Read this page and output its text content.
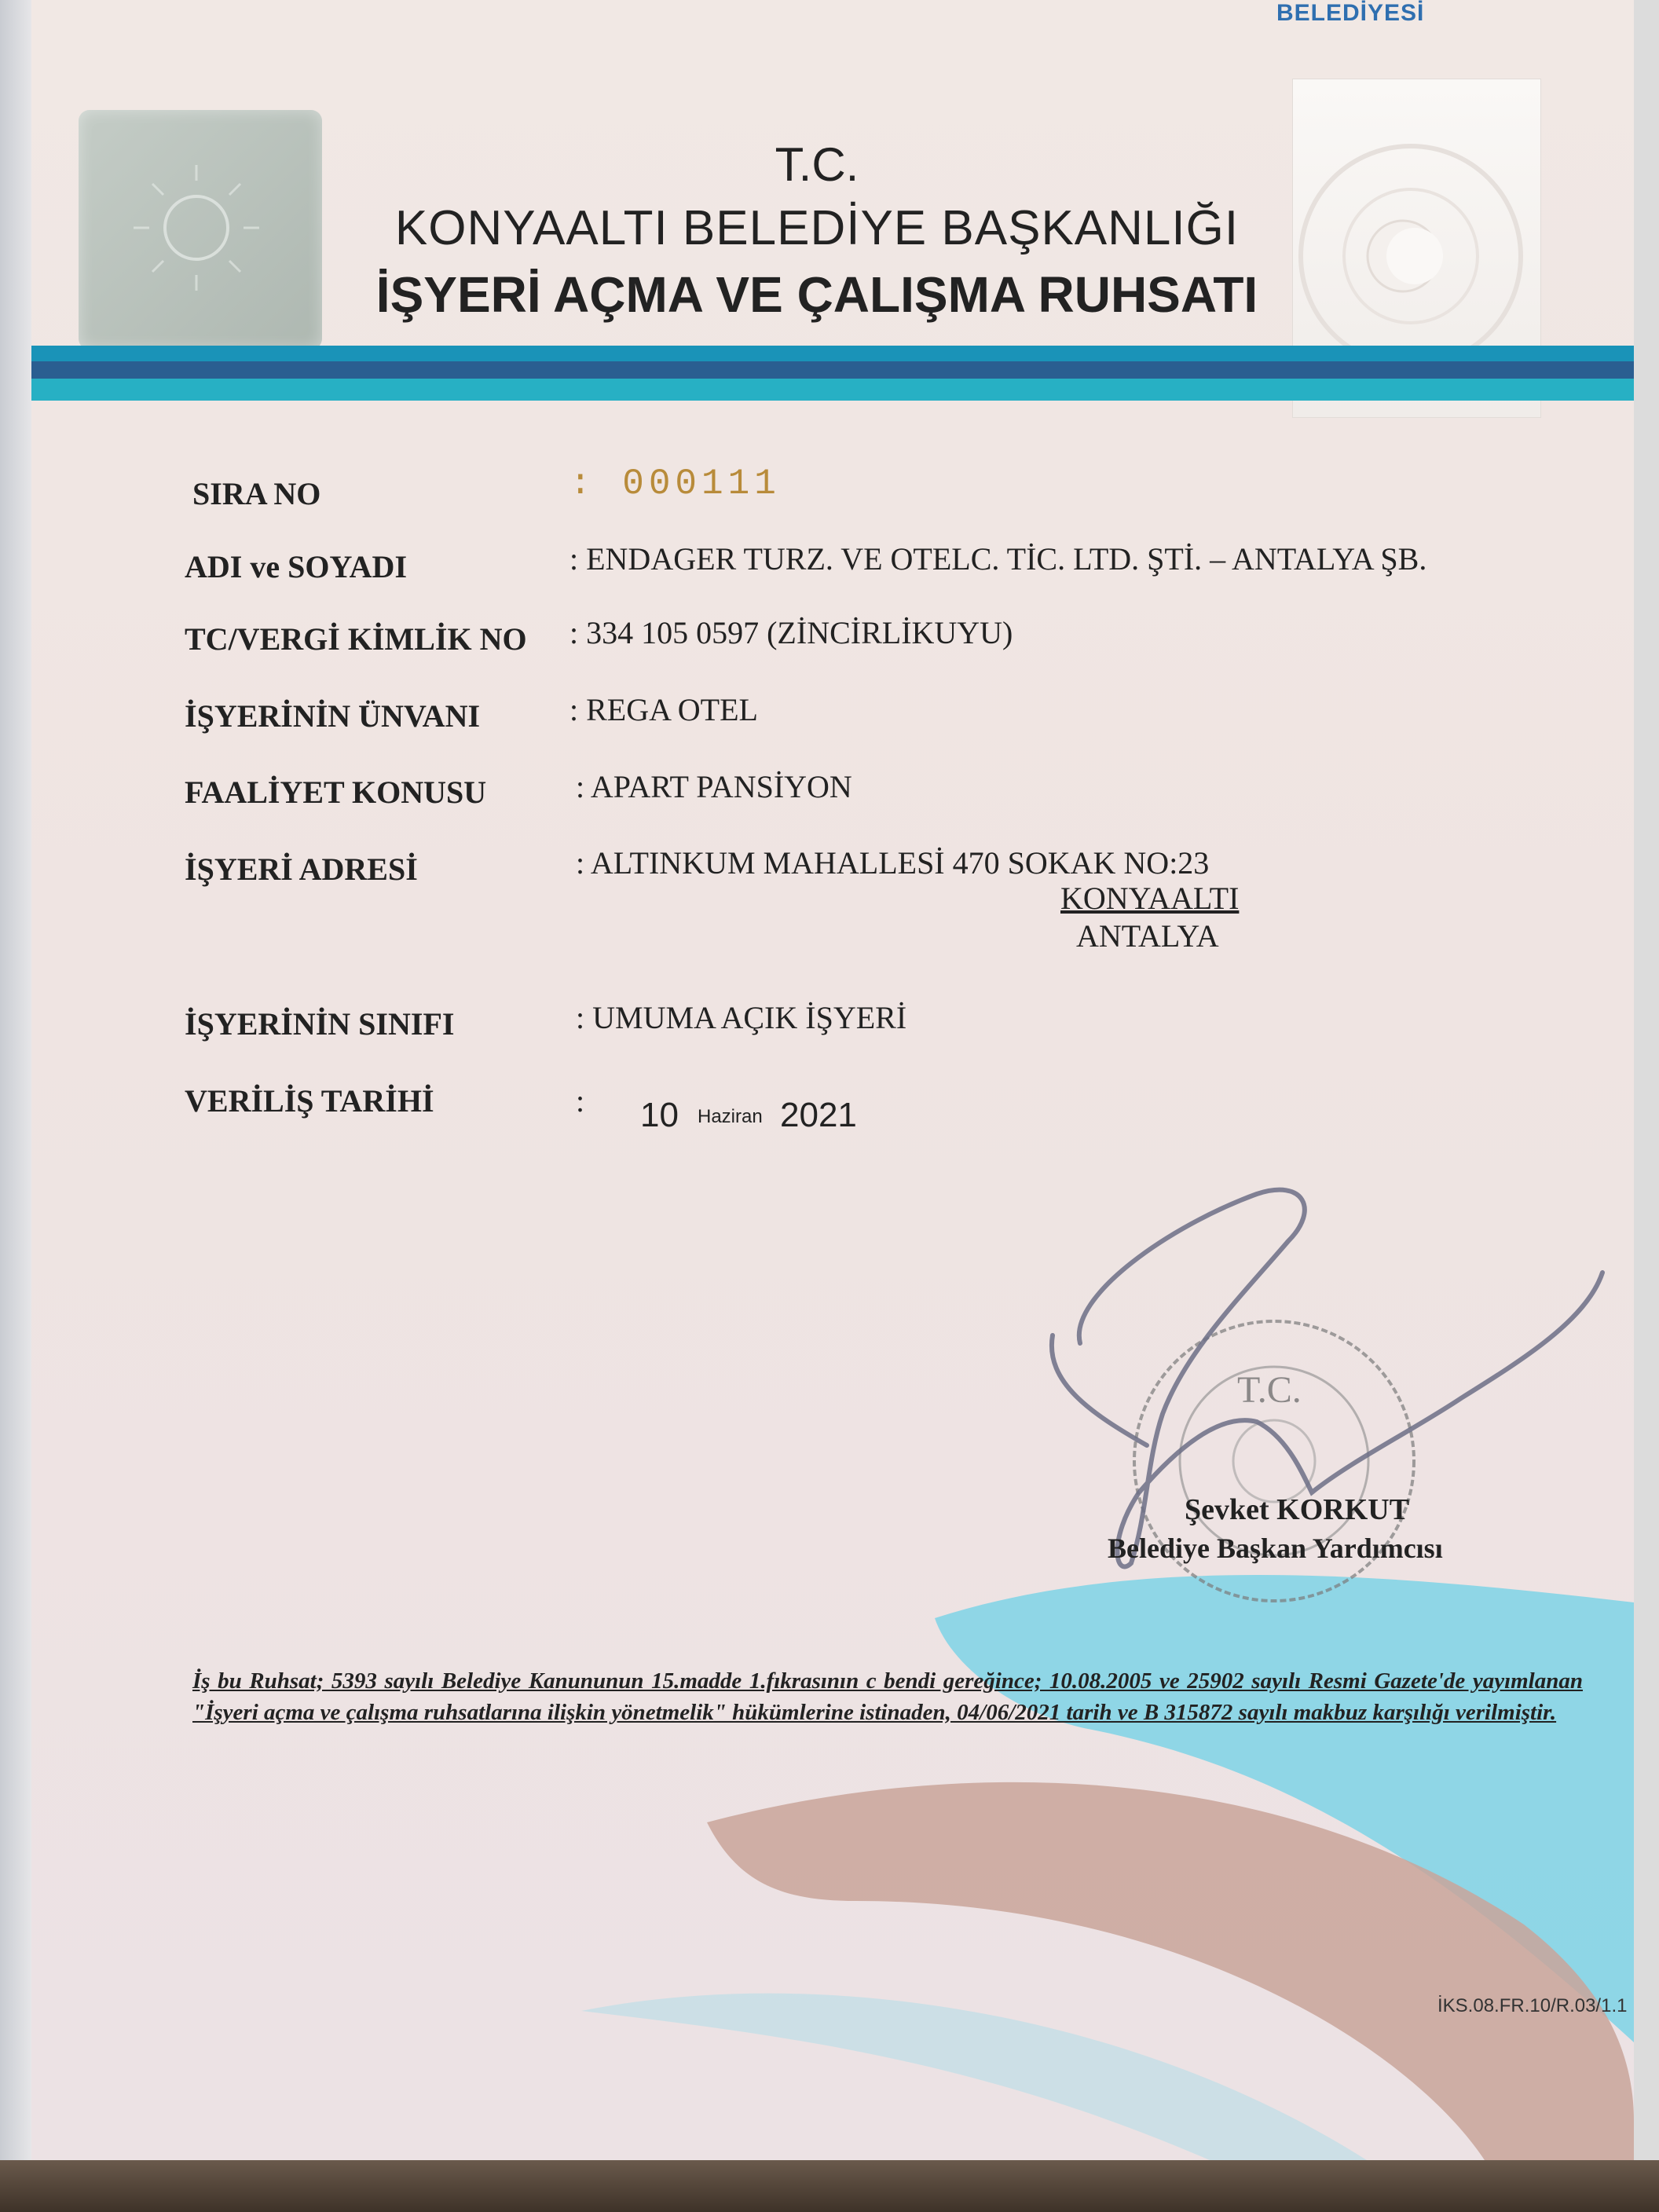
BELEDİYESİ
T.C.
KONYAALTI BELEDİYE BAŞKANLIĞI
İŞYERİ AÇMA VE ÇALIŞMA RUHSATI
SIRA NO	: 000111
ADI ve SOYADI	: ENDAGER TURZ. VE OTELC. TİC. LTD. ŞTİ. – ANTALYA ŞB.
TC/VERGİ KİMLİK NO : 334 105 0597 (ZİNCİRLİKUYU)
İŞYERİNİN ÜNVANI	: REGA OTEL
FAALİYET KONUSU	: APART PANSİYON
İŞYERİ ADRESİ	: ALTINKUM MAHALLESİ 470 SOKAK NO:23
KONYAALTI
ANTALYA
İŞYERİNİN SINIFI	: UMUMA AÇIK İŞYERİ
VERİLİŞ TARİHİ	: 10 Haziran 2021
T.C.
Şevket KORKUT
Belediye Başkan Yardımcısı
İş bu Ruhsat; 5393 sayılı Belediye Kanununun 15.madde 1.fıkrasının c bendi gereğince; 10.08.2005 ve 25902 sayılı Resmi Gazete'de yayımlanan "İşyeri açma ve çalışma ruhsatlarına ilişkin yönetmelik" hükümlerine istinaden, 04/06/2021 tarih ve B 315872 sayılı makbuz karşılığı verilmiştir.
İKS.08.FR.10/R.03/1.1
